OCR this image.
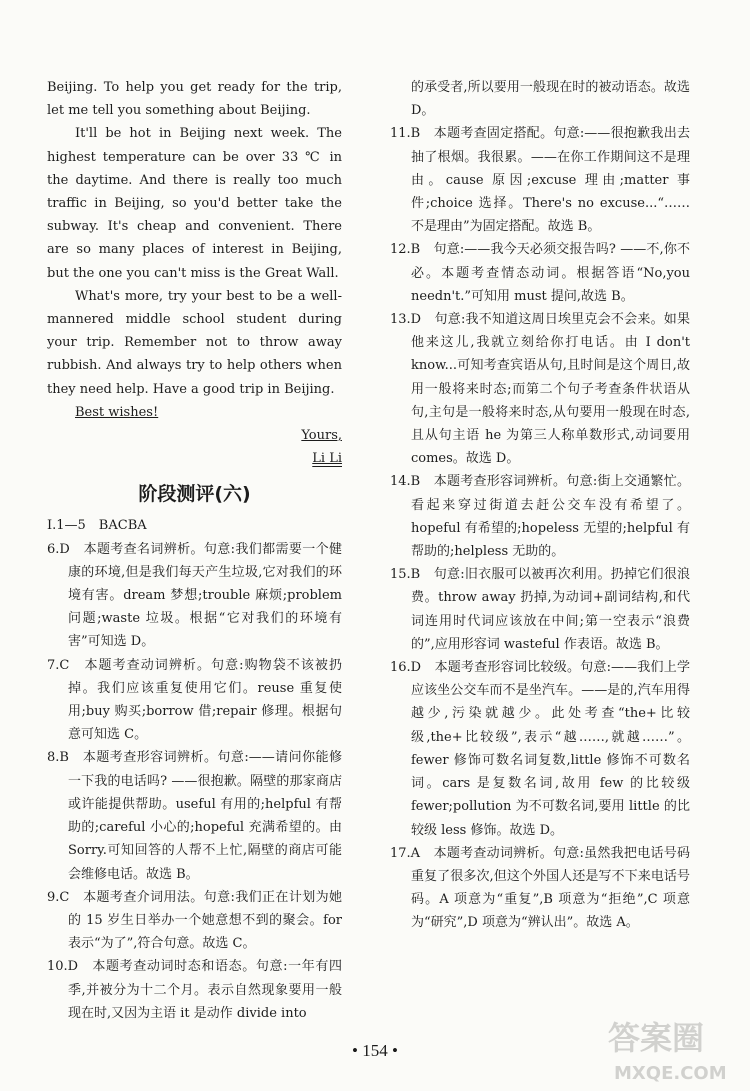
Beijing. To help you get ready for the trip, let me tell you something about Beijing.

It'll be hot in Beijing next week. The highest temperature can be over 33 ℃ in the daytime. And there is really too much traffic in Beijing, so you'd better take the subway. It's cheap and convenient. There are so many places of interest in Beijing, but the one you can't miss is the Great Wall.

What's more, try your best to be a well-mannered middle school student during your trip. Remember not to throw away rubbish. And always try to help others when they need help. Have a good trip in Beijing.

Best wishes!

Yours,

Li Li

阶段测评(六)

Ⅰ.1—5　BACBA

6.D　本题考查名词辨析。句意:我们都需要一个健康的环境,但是我们每天产生垃圾,它对我们的环境有害。dream 梦想;trouble 麻烦;problem 问题;waste 垃圾。根据“它对我们的环境有害”可知选 D。

7.C　本题考查动词辨析。句意:购物袋不该被扔掉。我们应该重复使用它们。reuse 重复使用;buy 购买;borrow 借;repair 修理。根据句意可知选 C。

8.B　本题考查形容词辨析。句意:——请问你能修一下我的电话吗? ——很抱歉。隔壁的那家商店或许能提供帮助。useful 有用的;helpful 有帮助的;careful 小心的;hopeful 充满希望的。由 Sorry.可知回答的人帮不上忙,隔壁的商店可能会维修电话。故选 B。

9.C　本题考查介词用法。句意:我们正在计划为她的 15 岁生日举办一个她意想不到的聚会。for 表示“为了”,符合句意。故选 C。

10.D　本题考查动词时态和语态。句意:一年有四季,并被分为十二个月。表示自然现象要用一般现在时,又因为主语 it 是动作 divide into

的承受者,所以要用一般现在时的被动语态。故选 D。

11.B　本题考查固定搭配。句意:——很抱歉我出去抽了根烟。我很累。——在你工作期间这不是理由。cause 原因;excuse 理由;matter 事件;choice 选择。There's no excuse...“……不是理由”为固定搭配。故选 B。

12.B　句意:——我今天必须交报告吗? ——不,你不必。本题考查情态动词。根据答语“No,you needn't.”可知用 must 提问,故选 B。

13.D　句意:我不知道这周日埃里克会不会来。如果他来这儿,我就立刻给你打电话。由 I don't know...可知考查宾语从句,且时间是这个周日,故用一般将来时态;而第二个句子考查条件状语从句,主句是一般将来时态,从句要用一般现在时态,且从句主语 he 为第三人称单数形式,动词要用 comes。故选 D。

14.B　本题考查形容词辨析。句意:街上交通繁忙。看起来穿过街道去赶公交车没有希望了。hopeful 有希望的;hopeless 无望的;helpful 有帮助的;helpless 无助的。

15.B　句意:旧衣服可以被再次利用。扔掉它们很浪费。throw away 扔掉,为动词+副词结构,和代词连用时代词应该放在中间;第一空表示“浪费的”,应用形容词 wasteful 作表语。故选 B。

16.D　本题考查形容词比较级。句意:——我们上学应该坐公交车而不是坐汽车。——是的,汽车用得越少,污染就越少。此处考查“the+比较级,the+比较级”,表示“越……,就越……”。fewer 修饰可数名词复数,little 修饰不可数名词。cars 是复数名词,故用 few 的比较级 fewer;pollution 为不可数名词,要用 little 的比较级 less 修饰。故选 D。

17.A　本题考查动词辨析。句意:虽然我把电话号码重复了很多次,但这个外国人还是写不下来电话号码。A 项意为“重复”,B 项意为“拒绝”,C 项意为“研究”,D 项意为“辨认出”。故选 A。

• 154 •	答案圈
MXQE.COM
